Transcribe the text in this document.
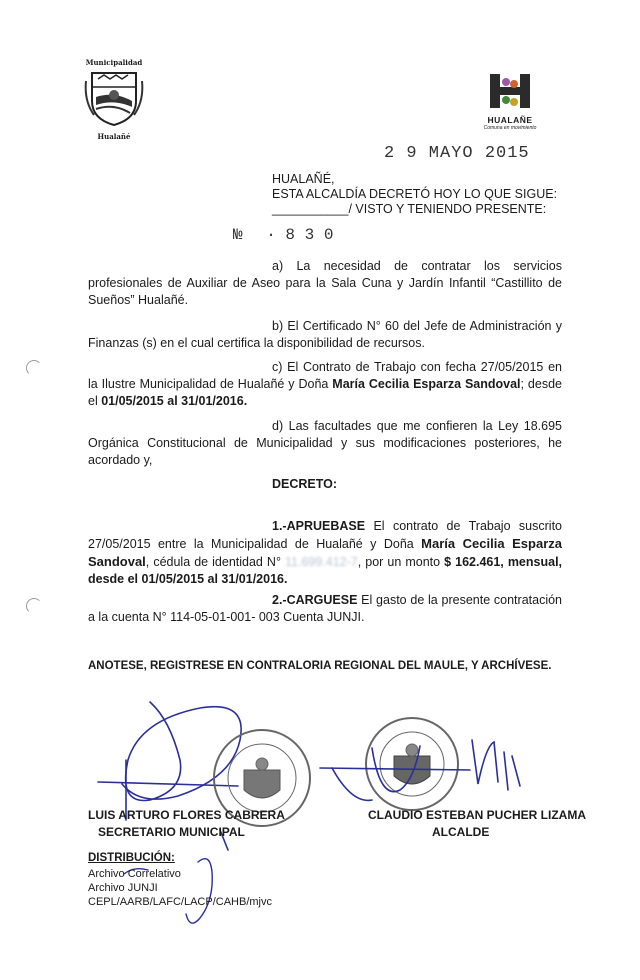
Municipalidad
Hualañé
HUALAÑE
Comuna en movimiento
2 9 MAYO 2015
HUALAÑÉ,
ESTA ALCALDÍA DECRETÓ HOY LO QUE SIGUE:
___________/ VISTO Y TENIENDO PRESENTE:
№ · 8 3 0
a) La necesidad de contratar los servicios profesionales de Auxiliar de Aseo para la Sala Cuna y Jardín Infantil “Castillito de Sueños” Hualañé.
b) El Certificado N° 60 del Jefe de Administración y Finanzas (s) en el cual certifica la disponibilidad de recursos.
c) El Contrato de Trabajo con fecha 27/05/2015 en la Ilustre Municipalidad de Hualañé y Doña María Cecilia Esparza Sandoval; desde el 01/05/2015 al 31/01/2016.
d) Las facultades que me confieren la Ley 18.695 Orgánica Constitucional de Municipalidad y sus modificaciones posteriores, he acordado y,
DECRETO:
1.-APRUEBASE El contrato de Trabajo suscrito 27/05/2015 entre la Municipalidad de Hualañé y Doña María Cecilia Esparza Sandoval, cédula de identidad N° 11.699.412-7, por un monto $ 162.461, mensual, desde el 01/05/2015 al 31/01/2016.
2.-CARGUESE El gasto de la presente contratación a la cuenta N° 114-05-01-001- 003 Cuenta JUNJI.
ANOTESE, REGISTRESE EN CONTRALORIA REGIONAL DEL MAULE, Y ARCHÍVESE.
LUIS ARTURO FLORES CABRERA
SECRETARIO MUNICIPAL
CLAUDIO ESTEBAN PUCHER LIZAMA
ALCALDE
DISTRIBUCIÓN:
Archivo Correlativo
Archivo JUNJI
CEPL/AARB/LAFC/LACP/CAHB/mjvc
